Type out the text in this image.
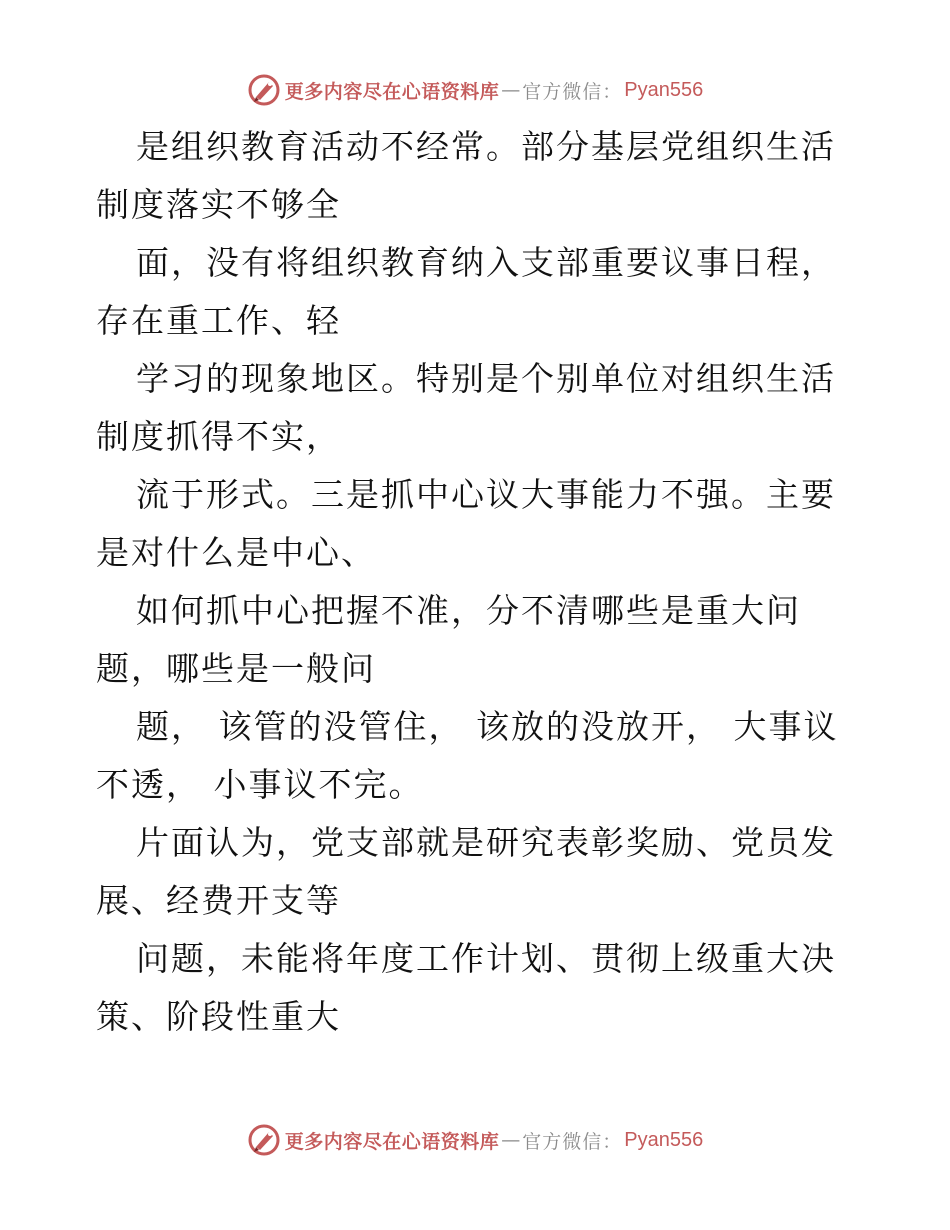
更多内容尽在心语资料库 — 官方微信： Pyan556

是组织教育活动不经常。部分基层党组织生活制度落实不够全

面，没有将组织教育纳入支部重要议事日程，存在重工作、轻

学习的现象地区。特别是个别单位对组织生活制度抓得不实，

流于形式。三是抓中心议大事能力不强。主要是对什么是中心、

如何抓中心把握不准，分不清哪些是重大问题，哪些是一般问

题， 该管的没管住， 该放的没放开， 大事议不透， 小事议不完。

片面认为，党支部就是研究表彰奖励、党员发展、经费开支等

问题，未能将年度工作计划、贯彻上级重大决策、阶段性重大

更多内容尽在心语资料库 — 官方微信： Pyan556
